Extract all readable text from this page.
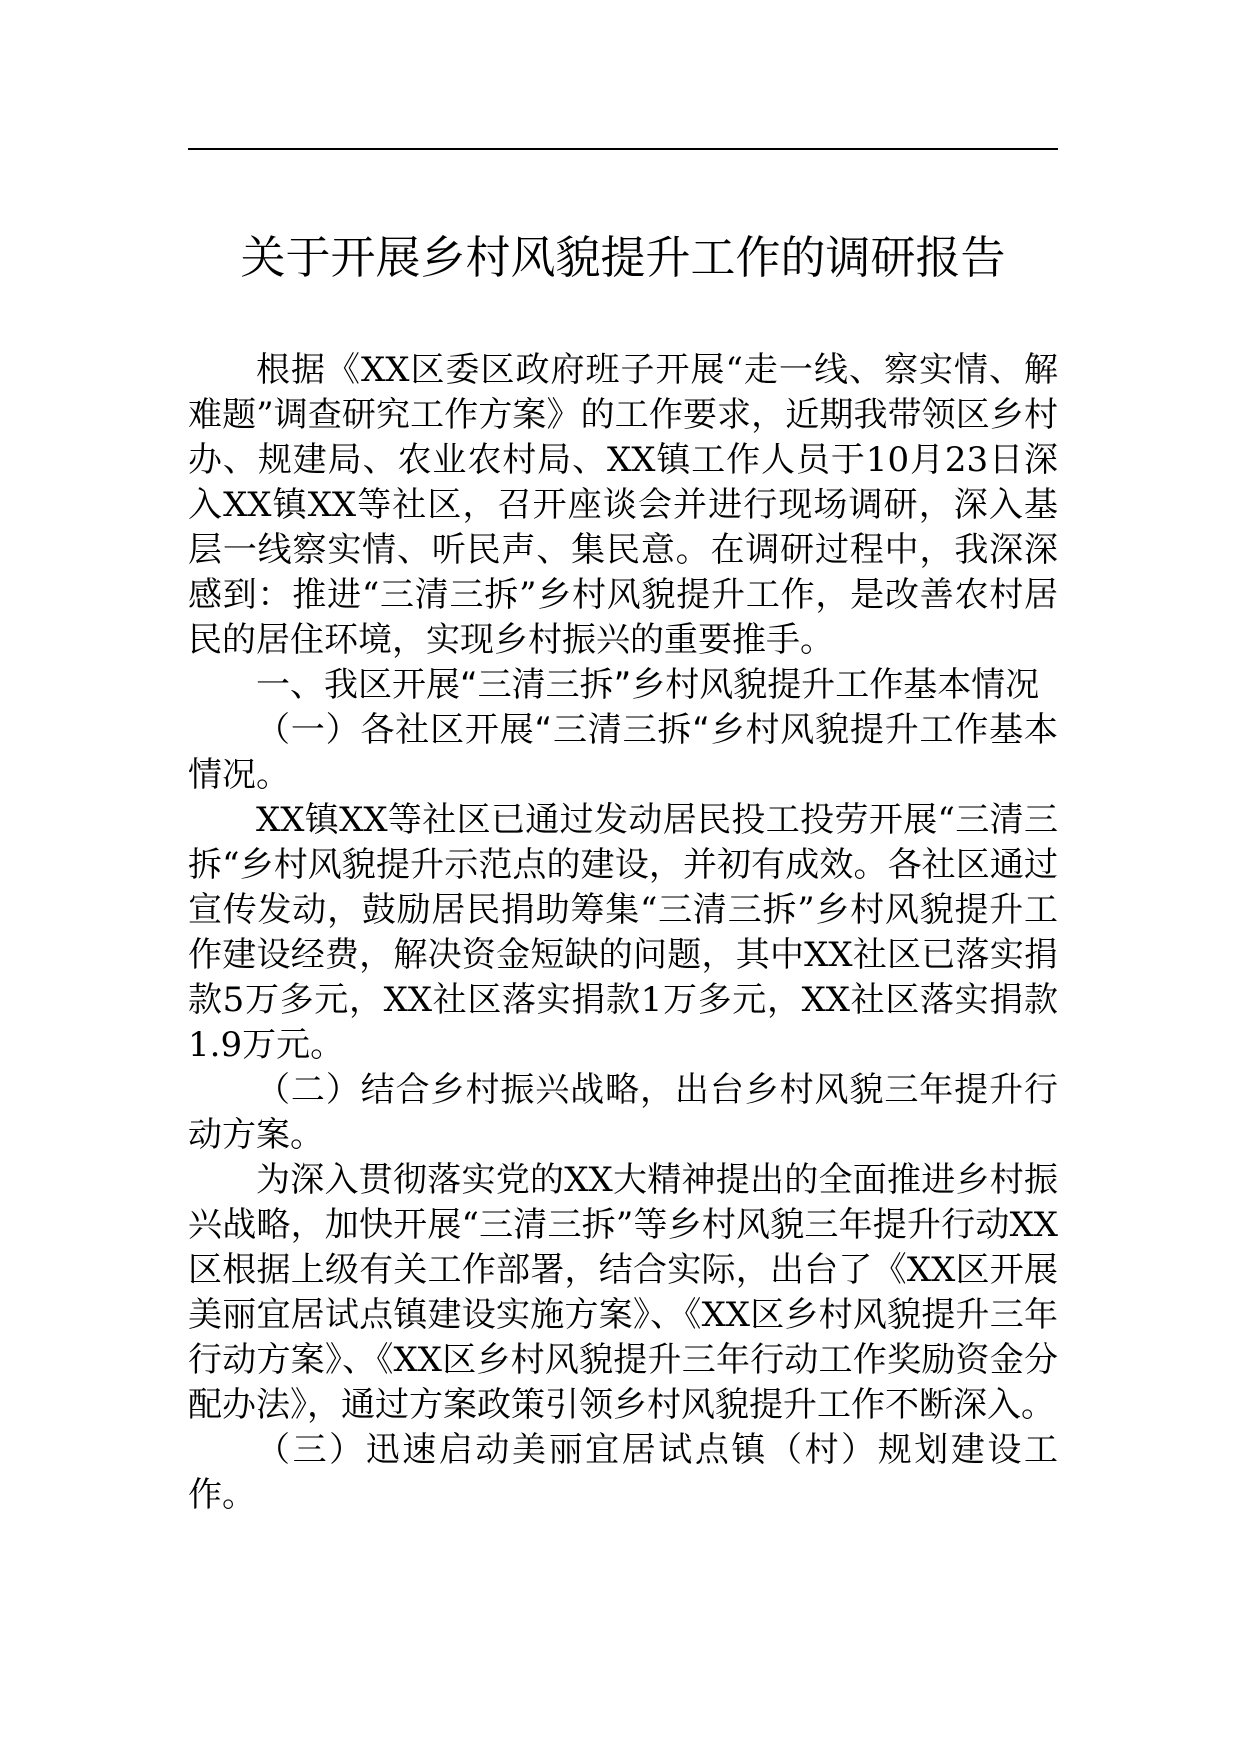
关于开展乡村风貌提升工作的调研报告

根据《XX区委区政府班子开展“走一线、察实情、解难题”调查研究工作方案》的工作要求，近期我带领区乡村办、规建局、农业农村局、XX镇工作人员于10月23日深入XX镇XX等社区，召开座谈会并进行现场调研，深入基层一线察实情、听民声、集民意。在调研过程中，我深深感到：推进“三清三拆”乡村风貌提升工作，是改善农村居民的居住环境，实现乡村振兴的重要推手。

一、我区开展“三清三拆”乡村风貌提升工作基本情况

（一）各社区开展“三清三拆“乡村风貌提升工作基本情况。

XX镇XX等社区已通过发动居民投工投劳开展“三清三拆“乡村风貌提升示范点的建设，并初有成效。各社区通过宣传发动，鼓励居民捐助筹集“三清三拆”乡村风貌提升工作建设经费，解决资金短缺的问题，其中XX社区已落实捐款5万多元，XX社区落实捐款1万多元，XX社区落实捐款1.9万元。

（二）结合乡村振兴战略，出台乡村风貌三年提升行动方案。

为深入贯彻落实党的XX大精神提出的全面推进乡村振兴战略，加快开展“三清三拆”等乡村风貌三年提升行动XX区根据上级有关工作部署，结合实际，出台了《XX区开展美丽宜居试点镇建设实施方案》、《XX区乡村风貌提升三年行动方案》、《XX区乡村风貌提升三年行动工作奖励资金分配办法》，通过方案政策引领乡村风貌提升工作不断深入。

（三）迅速启动美丽宜居试点镇（村）规划建设工作。
